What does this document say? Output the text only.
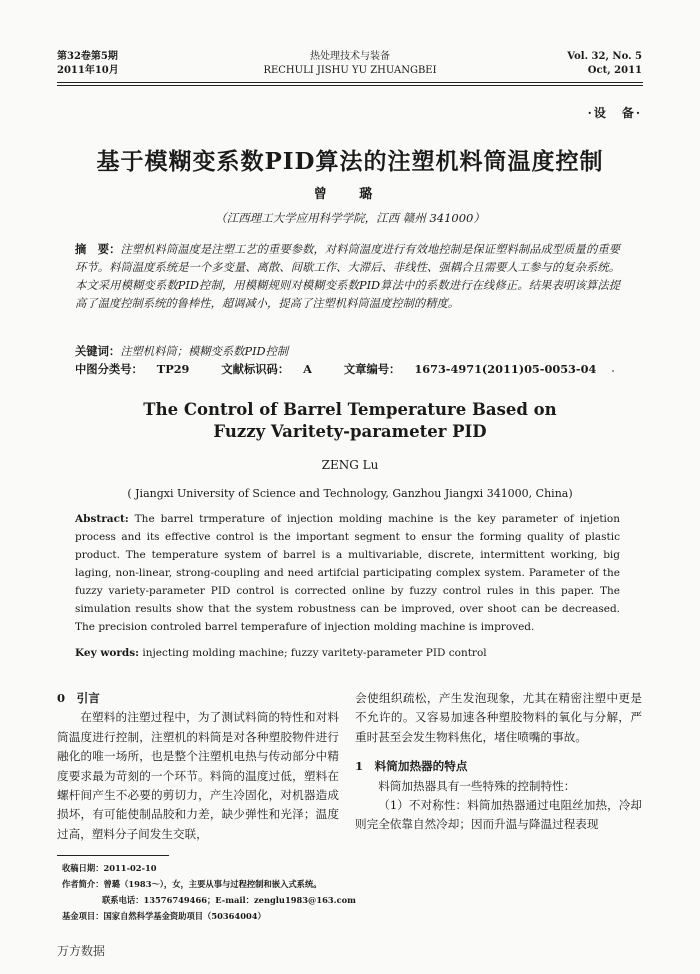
第32卷第5期
2011年10月
热处理技术与装备
RECHULI JISHU YU ZHUANGBEI
Vol. 32, No. 5
Oct, 2011
·设　备·
基于模糊变系数PID算法的注塑机料筒温度控制
曾 璐
（江西理工大学应用科学学院，江西 赣州 341000）
摘　要：注塑机料筒温度是注塑工艺的重要参数，对料筒温度进行有效地控制是保证塑料制品成型质量的重要环节。料筒温度系统是一个多变量、离散、间歇工作、大滞后、非线性、强耦合且需要人工参与的复杂系统。本文采用模糊变系数PID控制，用模糊规则对模糊变系数PID算法中的系数进行在线修正。结果表明该算法提高了温度控制系统的鲁棒性，超调减小，提高了注塑机料筒温度控制的精度。
关键词：注塑机料筒；模糊变系数PID控制
中图分类号： TP29	文献标识码： A	文章编号： 1673-4971(2011)05-0053-04
The Control of Barrel Temperature Based on
Fuzzy Varitety-parameter PID
ZENG Lu
( Jiangxi University of Science and Technology, Ganzhou Jiangxi 341000, China)
Abstract: The barrel trmperature of injection molding machine is the key parameter of injetion process and its effective control is the important segment to ensur the forming quality of plastic product. The temperature system of barrel is a multivariable, discrete, intermittent working, big laging, non-linear, strong-coupling and need artifcial participating complex system. Parameter of the fuzzy variety-parameter PID control is corrected online by fuzzy control rules in this paper. The simulation results show that the system robustness can be improved, over shoot can be decreased. The precision controled barrel temperafure of injection molding machine is improved.
Key words: injecting molding machine; fuzzy varitety-parameter PID control
0　引言
在塑料的注塑过程中，为了测试料筒的特性和对料筒温度进行控制，注塑机的料筒是对各种塑胶物件进行融化的唯一场所，也是整个注塑机电热与传动部分中精度要求最为苛刻的一个环节。料筒的温度过低，塑料在螺杆间产生不必要的剪切力，产生冷固化，对机器造成损坏，有可能使制品胶和力差，缺少弹性和光泽；温度过高，塑料分子间发生交联，
会使组织疏松，产生发泡现象，尤其在精密注塑中更是不允许的。又容易加速各种塑胶物料的氧化与分解，严重时甚至会发生物料焦化，堵住喷嘴的事故。
1　料筒加热器的特点
料筒加热器具有一些特殊的控制特性：
（1）不对称性：料筒加热器通过电阻丝加热，冷却则完全依靠自然冷却；因而升温与降温过程表现
收稿日期：2011-02-10
作者简介：曾璐（1983～），女，主要从事与过程控制和嵌入式系统。
联系电话：13576749466；E-mail：zenglu1983@163.com
基金项目：国家自然科学基金资助项目（50364004）
万方数据
